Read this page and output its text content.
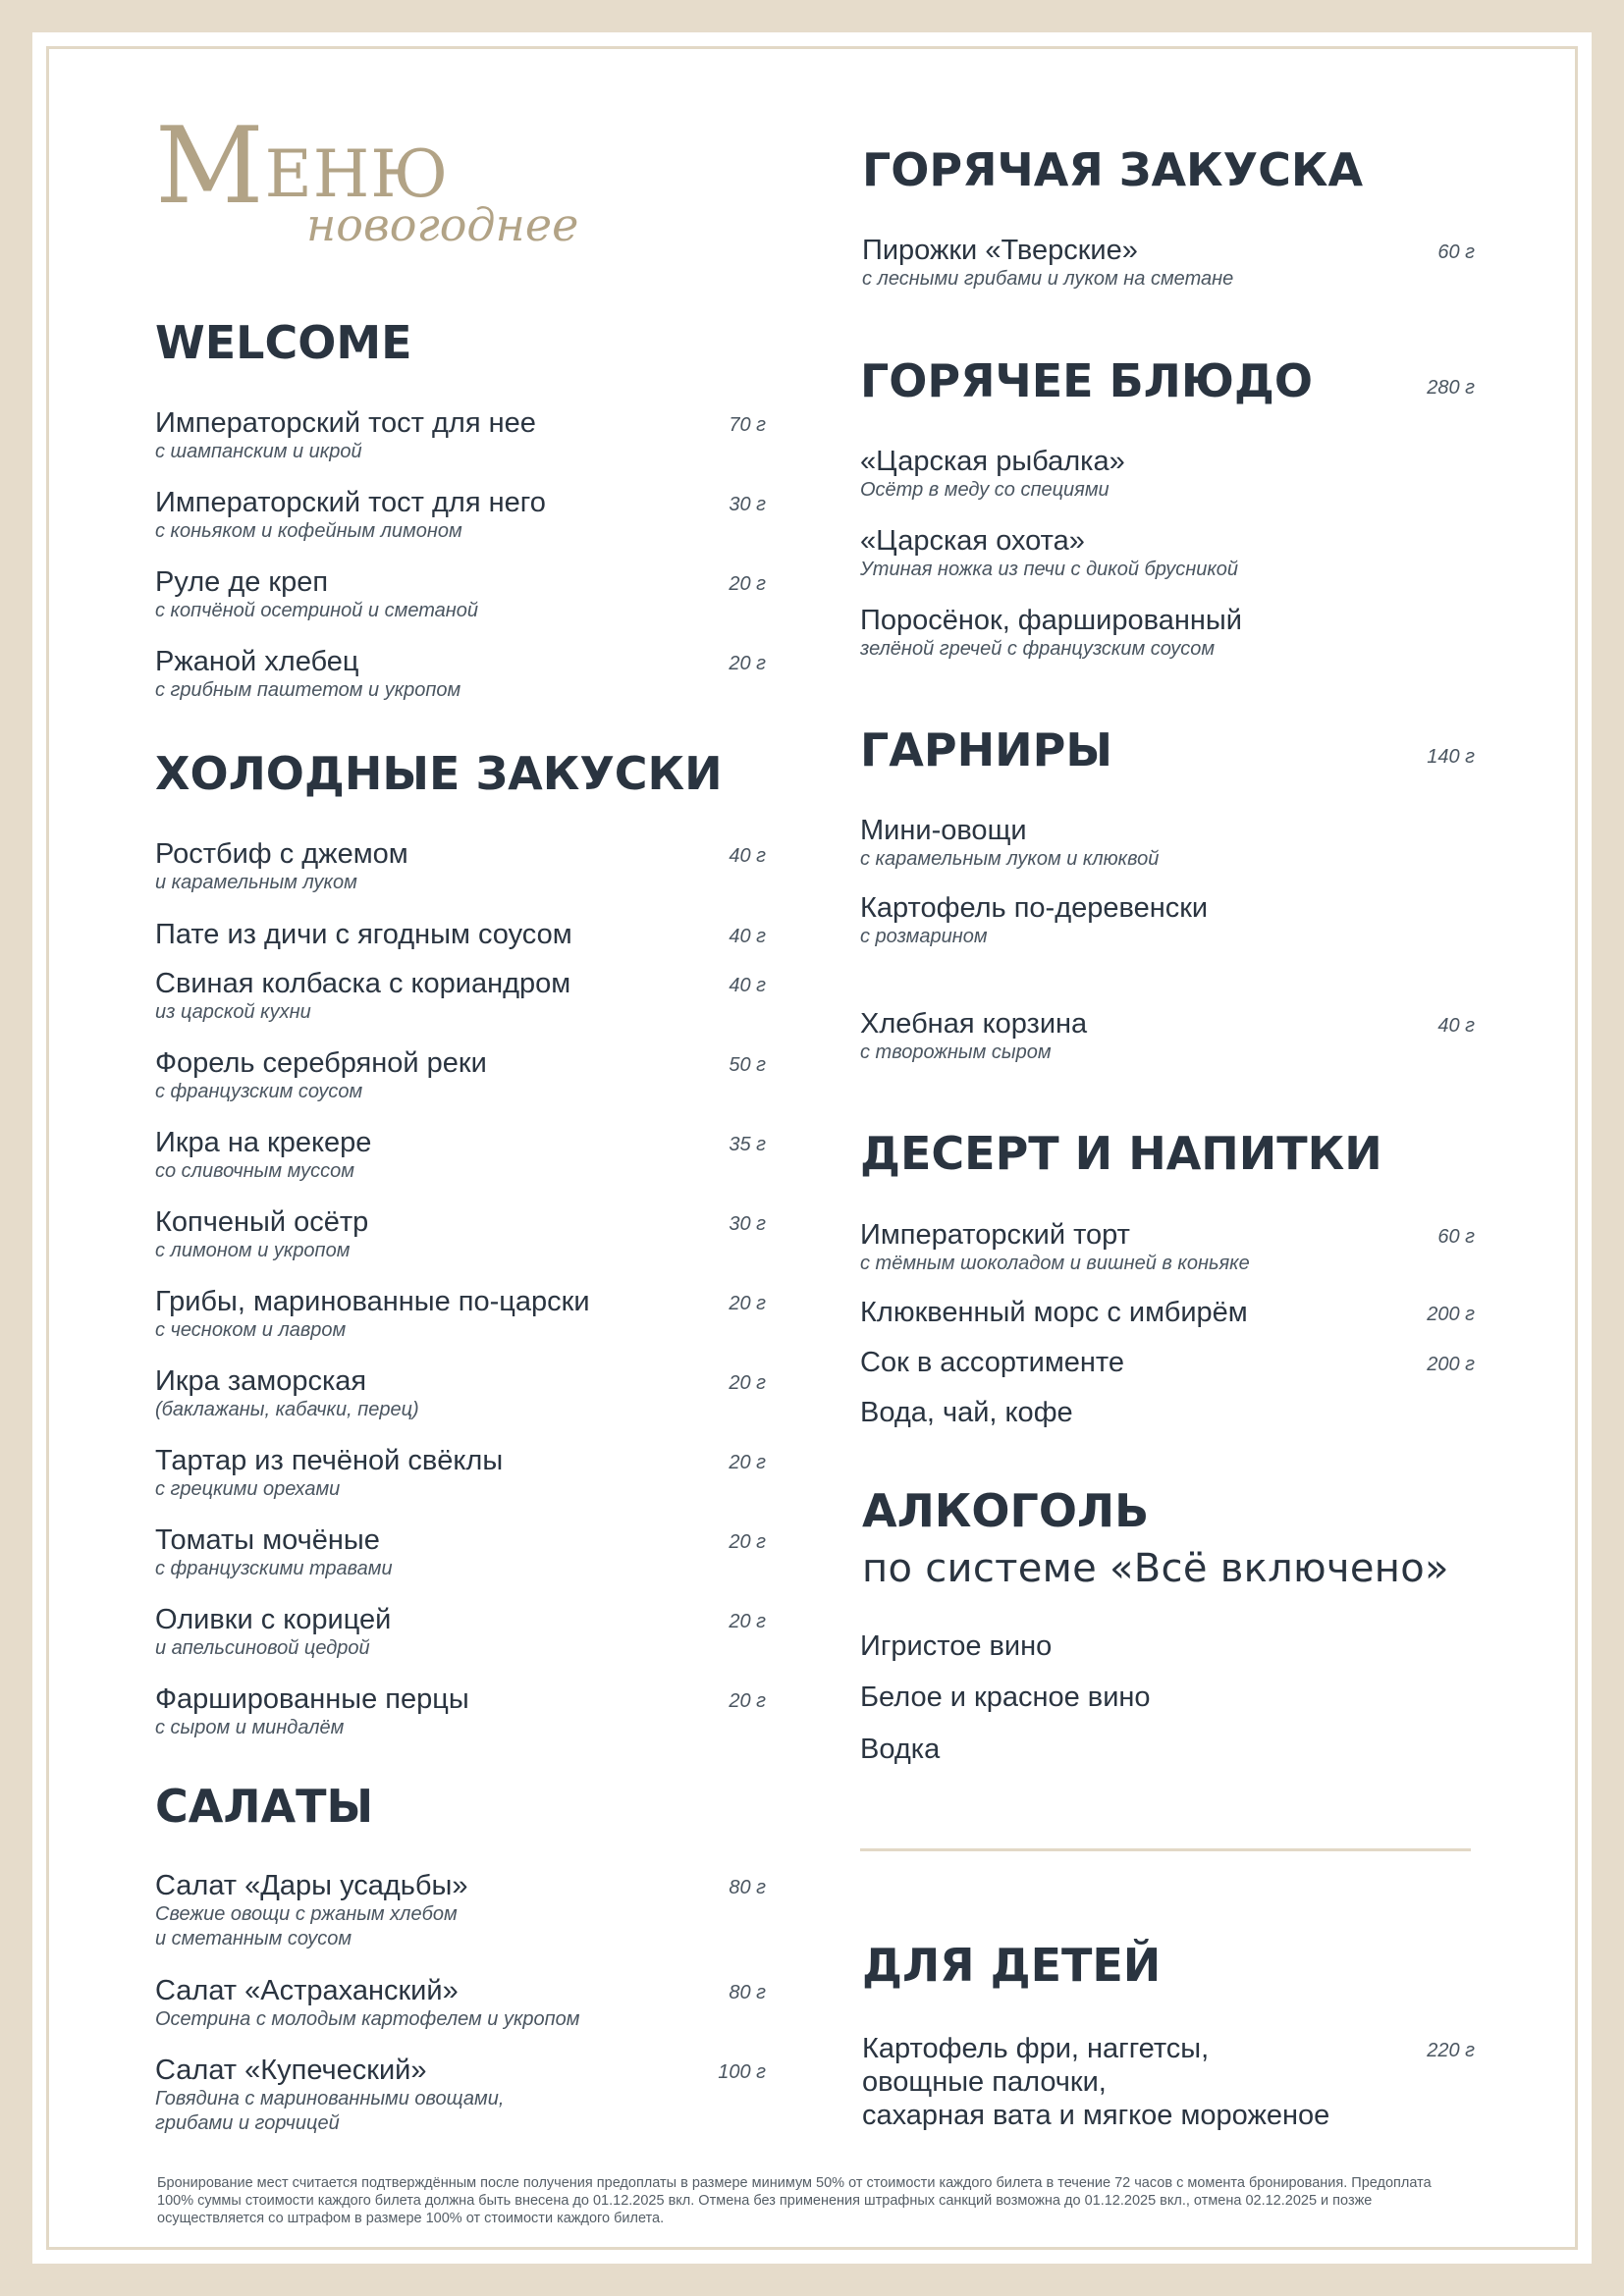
МЕНЮ
новогоднее
WELCOME
Императорский тост для нее
с шампанским и икрой
70 г
Императорский тост для него
с коньяком и кофейным лимоном
30 г
Руле де креп
с копчёной осетриной и сметаной
20 г
Ржаной хлебец
с грибным паштетом и укропом
20 г
ХОЛОДНЫЕ ЗАКУСКИ
Ростбиф с джемом
и карамельным луком
40 г
Пате из дичи с ягодным соусом	40 г
Свиная колбаска с кориандром
из царской кухни
40 г
Форель серебряной реки
с французским соусом
50 г
Икра на крекере
со сливочным муссом
35 г
Копченый осётр
с лимоном и укропом
30 г
Грибы, маринованные по-царски
с чесноком и лавром
20 г
Икра заморская
(баклажаны, кабачки, перец)
20 г
Тартар из печёной свёклы
с грецкими орехами
20 г
Томаты мочёные
с французскими травами
20 г
Оливки с корицей
и апельсиновой цедрой
20 г
Фаршированные перцы
с сыром и миндалём
20 г
САЛАТЫ
Салат «Дары усадьбы»
Свежие овощи с ржаным хлебом
и сметанным соусом
80 г
Салат «Астраханский»
Осетрина с молодым картофелем и укропом
80 г
Салат «Купеческий»
Говядина с маринованными овощами,
грибами и горчицей
100 г
ГОРЯЧАЯ ЗАКУСКА
Пирожки «Тверские»
с лесными грибами и луком на сметане
60 г
ГОРЯЧЕЕ БЛЮДО	280 г
«Царская рыбалка»
Осётр в меду со специями
«Царская охота»
Утиная ножка из печи с дикой брусникой
Поросёнок, фаршированный
зелёной гречей с французским соусом
ГАРНИРЫ	140 г
Мини-овощи
с карамельным луком и клюквой
Картофель по-деревенски
с розмарином
Хлебная корзина
с творожным сыром
40 г
ДЕСЕРТ И НАПИТКИ
Императорский торт
с тёмным шоколадом и вишней в коньяке
60 г
Клюквенный морс с имбирём	200 г
Сок в ассортименте	200 г
Вода, чай, кофе
АЛКОГОЛЬ
по системе «Всё включено»
Игристое вино
Белое и красное вино
Водка
ДЛЯ ДЕТЕЙ
Картофель фри, наггетсы,
овощные палочки,
сахарная вата и мягкое мороженое
220 г
Бронирование мест считается подтверждённым после получения предоплаты в размере минимум 50% от стоимости каждого билета в течение 72 часов с момента бронирования. Предоплата 100% суммы стоимости каждого билета должна быть внесена до 01.12.2025 вкл. Отмена без применения штрафных санкций возможна до 01.12.2025 вкл., отмена 02.12.2025 и позже осуществляется со штрафом в размере 100% от стоимости каждого билета.
